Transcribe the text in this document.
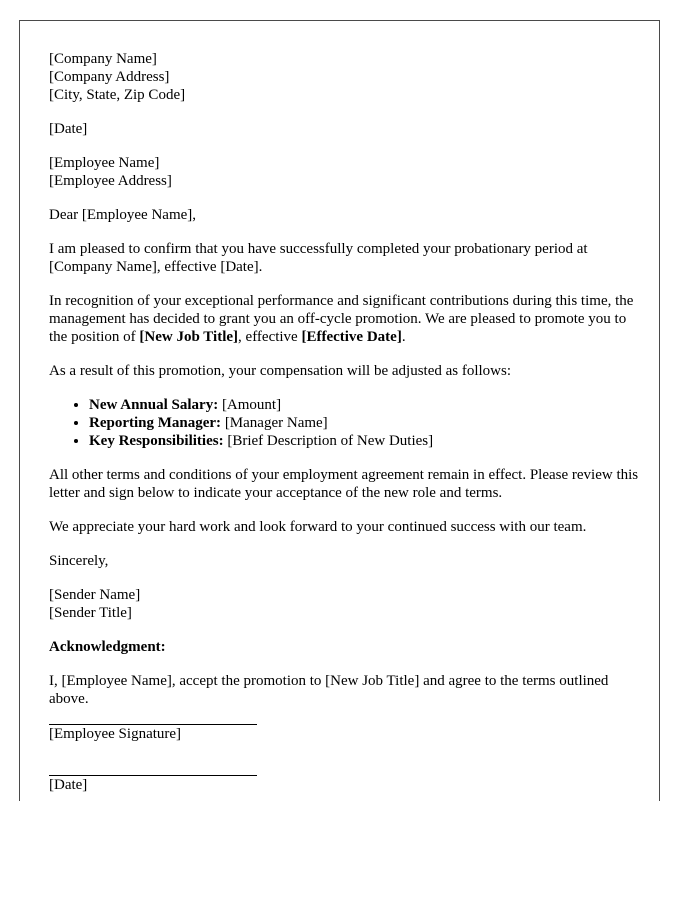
[Company Name]
[Company Address]
[City, State, Zip Code]

[Date]

[Employee Name]
[Employee Address]

Dear [Employee Name],

I am pleased to confirm that you have successfully completed your probationary period at [Company Name], effective [Date].

In recognition of your exceptional performance and significant contributions during this time, the management has decided to grant you an off-cycle promotion. We are pleased to promote you to the position of [New Job Title], effective [Effective Date].

As a result of this promotion, your compensation will be adjusted as follows:

• New Annual Salary: [Amount]
• Reporting Manager: [Manager Name]
• Key Responsibilities: [Brief Description of New Duties]

All other terms and conditions of your employment agreement remain in effect. Please review this letter and sign below to indicate your acceptance of the new role and terms.

We appreciate your hard work and look forward to your continued success with our team.

Sincerely,

[Sender Name]
[Sender Title]

Acknowledgment:

I, [Employee Name], accept the promotion to [New Job Title] and agree to the terms outlined above.

[Employee Signature]
[Date]
